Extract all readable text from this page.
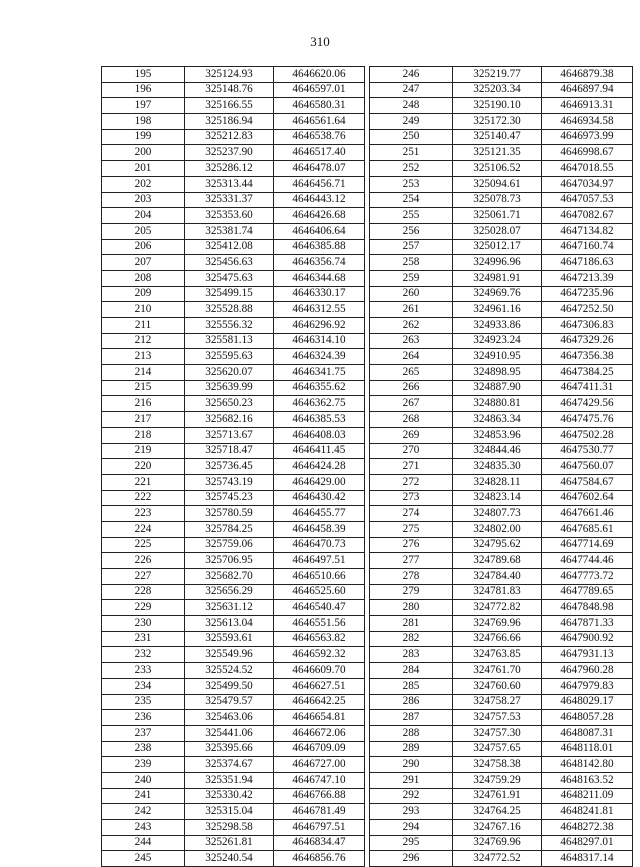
310
195	325124.93	4646620.06
196	325148.76	4646597.01
197	325166.55	4646580.31
198	325186.94	4646561.64
199	325212.83	4646538.76
200	325237.90	4646517.40
201	325286.12	4646478.07
202	325313.44	4646456.71
203	325331.37	4646443.12
204	325353.60	4646426.68
205	325381.74	4646406.64
206	325412.08	4646385.88
207	325456.63	4646356.74
208	325475.63	4646344.68
209	325499.15	4646330.17
210	325528.88	4646312.55
211	325556.32	4646296.92
212	325581.13	4646314.10
213	325595.63	4646324.39
214	325620.07	4646341.75
215	325639.99	4646355.62
216	325650.23	4646362.75
217	325682.16	4646385.53
218	325713.67	4646408.03
219	325718.47	4646411.45
220	325736.45	4646424.28
221	325743.19	4646429.00
222	325745.23	4646430.42
223	325780.59	4646455.77
224	325784.25	4646458.39
225	325759.06	4646470.73
226	325706.95	4646497.51
227	325682.70	4646510.66
228	325656.29	4646525.60
229	325631.12	4646540.47
230	325613.04	4646551.56
231	325593.61	4646563.82
232	325549.96	4646592.32
233	325524.52	4646609.70
234	325499.50	4646627.51
235	325479.57	4646642.25
236	325463.06	4646654.81
237	325441.06	4646672.06
238	325395.66	4646709.09
239	325374.67	4646727.00
240	325351.94	4646747.10
241	325330.42	4646766.88
242	325315.04	4646781.49
243	325298.58	4646797.51
244	325261.81	4646834.47
245	325240.54	4646856.76
246	325219.77	4646879.38
247	325203.34	4646897.94
248	325190.10	4646913.31
249	325172.30	4646934.58
250	325140.47	4646973.99
251	325121.35	4646998.67
252	325106.52	4647018.55
253	325094.61	4647034.97
254	325078.73	4647057.53
255	325061.71	4647082.67
256	325028.07	4647134.82
257	325012.17	4647160.74
258	324996.96	4647186.63
259	324981.91	4647213.39
260	324969.76	4647235.96
261	324961.16	4647252.50
262	324933.86	4647306.83
263	324923.24	4647329.26
264	324910.95	4647356.38
265	324898.95	4647384.25
266	324887.90	4647411.31
267	324880.81	4647429.56
268	324863.34	4647475.76
269	324853.96	4647502.28
270	324844.46	4647530.77
271	324835.30	4647560.07
272	324828.11	4647584.67
273	324823.14	4647602.64
274	324807.73	4647661.46
275	324802.00	4647685.61
276	324795.62	4647714.69
277	324789.68	4647744.46
278	324784.40	4647773.72
279	324781.83	4647789.65
280	324772.82	4647848.98
281	324769.96	4647871.33
282	324766.66	4647900.92
283	324763.85	4647931.13
284	324761.70	4647960.28
285	324760.60	4647979.83
286	324758.27	4648029.17
287	324757.53	4648057.28
288	324757.30	4648087.31
289	324757.65	4648118.01
290	324758.38	4648142.80
291	324759.29	4648163.52
292	324761.91	4648211.09
293	324764.25	4648241.81
294	324767.16	4648272.38
295	324769.96	4648297.01
296	324772.52	4648317.14
